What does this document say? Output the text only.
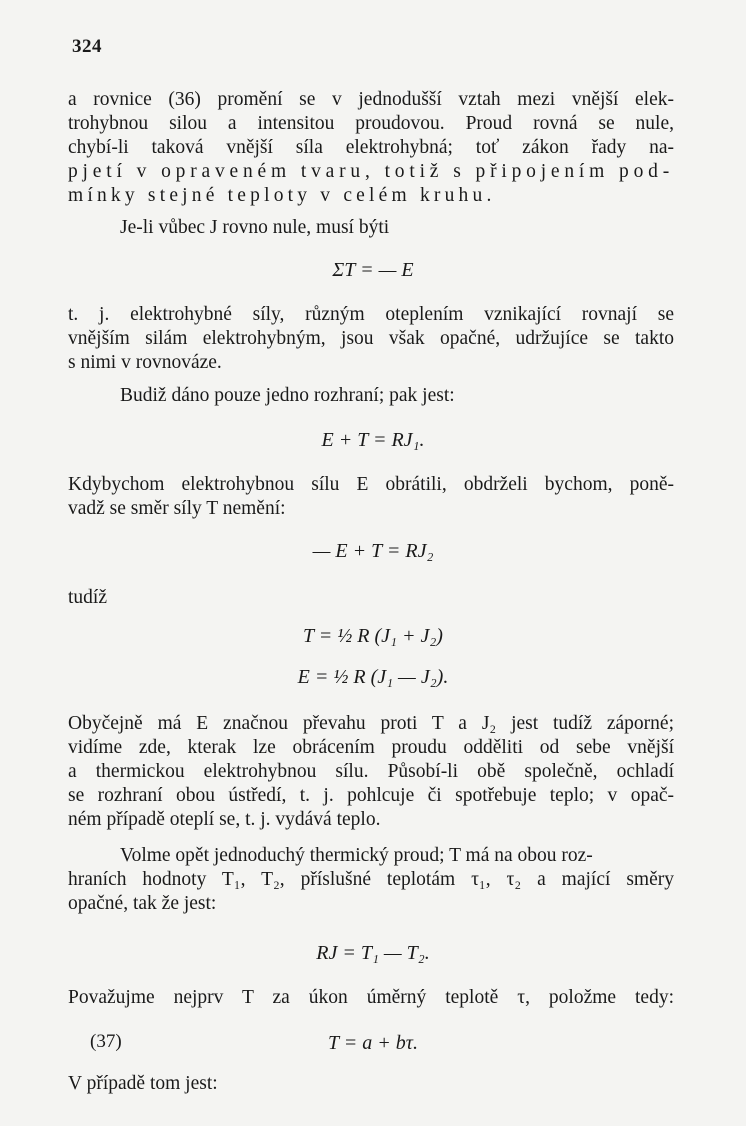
324
a rovnice (36) promění se v jednodušší vztah mezi vnější elek-
trohybnou silou a intensitou proudovou. Proud rovná se nule,
chybí-li taková vnější síla elektrohybná; toť zákon řady na-
pjetí v opraveném tvaru, totiž s připojením pod-
mínky stejné teploty v celém kruhu.
Je-li vůbec J rovno nule, musí býti
ΣT = — E
t. j. elektrohybné síly, různým oteplením vznikající rovnají se
vnějším silám elektrohybným, jsou však opačné, udržujíce se takto
s nimi v rovnováze.
Budiž dáno pouze jedno rozhraní; pak jest:
E + T = RJ₁.
Kdybychom elektrohybnou sílu E obrátili, obdrželi bychom, poně-
vadž se směr síly T nemění:
— E + T = RJ₂
tudíž
T = ½ R (J₁ + J₂)
E = ½ R (J₁ — J₂).
Obyčejně má E značnou převahu proti T a J₂ jest tudíž záporné;
vidíme zde, kterak lze obrácením proudu odděliti od sebe vnější
a thermickou elektrohybnou sílu. Působí-li obě společně, ochladí
se rozhraní obou ústředí, t. j. pohlcuje či spotřebuje teplo; v opač-
ném případě oteplí se, t. j. vydává teplo.
Volme opět jednoduchý thermický proud; T má na obou roz-
hraních hodnoty T₁, T₂, příslušné teplotám τ₁, τ₂ a mající směry
opačné, tak že jest:
RJ = T₁ — T₂.
Považujme nejprv T za úkon úměrný teplotě τ, položme tedy:
(37)	T = a + bτ.
V případě tom jest:
